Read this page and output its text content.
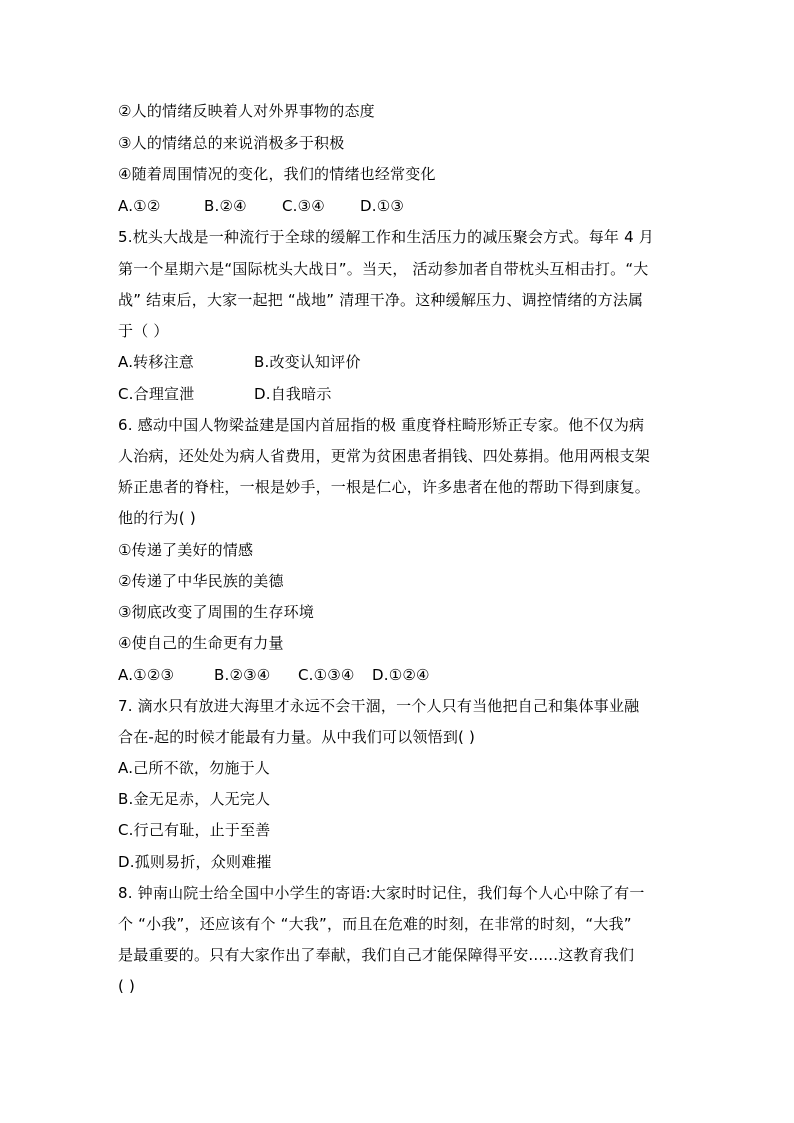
②人的情绪反映着人对外界事物的态度
③人的情绪总的来说消极多于积极
④随着周围情况的变化，我们的情绪也经常变化
A.①②	B.②④	C.③④	D.①③
5.枕头大战是一种流行于全球的缓解工作和生活压力的减压聚会方式。每年 4 月
第一个星期六是“国际枕头大战日”。当天， 活动参加者自带枕头互相击打。“大
战” 结束后，大家一起把 “战地” 清理干净。这种缓解压力、调控情绪的方法属
于（ ）
A.转移注意	B.改变认知评价
C.合理宣泄	D.自我暗示
6. 感动中国人物梁益建是国内首屈指的极 重度脊柱畸形矫正专家。他不仅为病
人治病，还处处为病人省费用，更常为贫困患者捐钱、四处募捐。他用两根支架
矫正患者的脊柱，一根是妙手，一根是仁心，许多患者在他的帮助下得到康复。
他的行为( )
①传递了美好的情感
②传递了中华民族的美德
③彻底改变了周围的生存环境
④使自己的生命更有力量
A.①②③	B.②③④	C.①③④	D.①②④
7. 滴水只有放进大海里才永远不会干涸，一个人只有当他把自己和集体事业融
合在-起的时候才能最有力量。从中我们可以领悟到( )
A.己所不欲，勿施于人
B.金无足赤，人无完人
C.行己有耻，止于至善
D.孤则易折，众则难摧
8. 钟南山院士给全国中小学生的寄语:大家时时记住，我们每个人心中除了有一
个 “小我”，还应该有个 “大我”，而且在危难的时刻，在非常的时刻，“大我”
是最重要的。只有大家作出了奉献，我们自己才能保障得平安......这教育我们
( )
